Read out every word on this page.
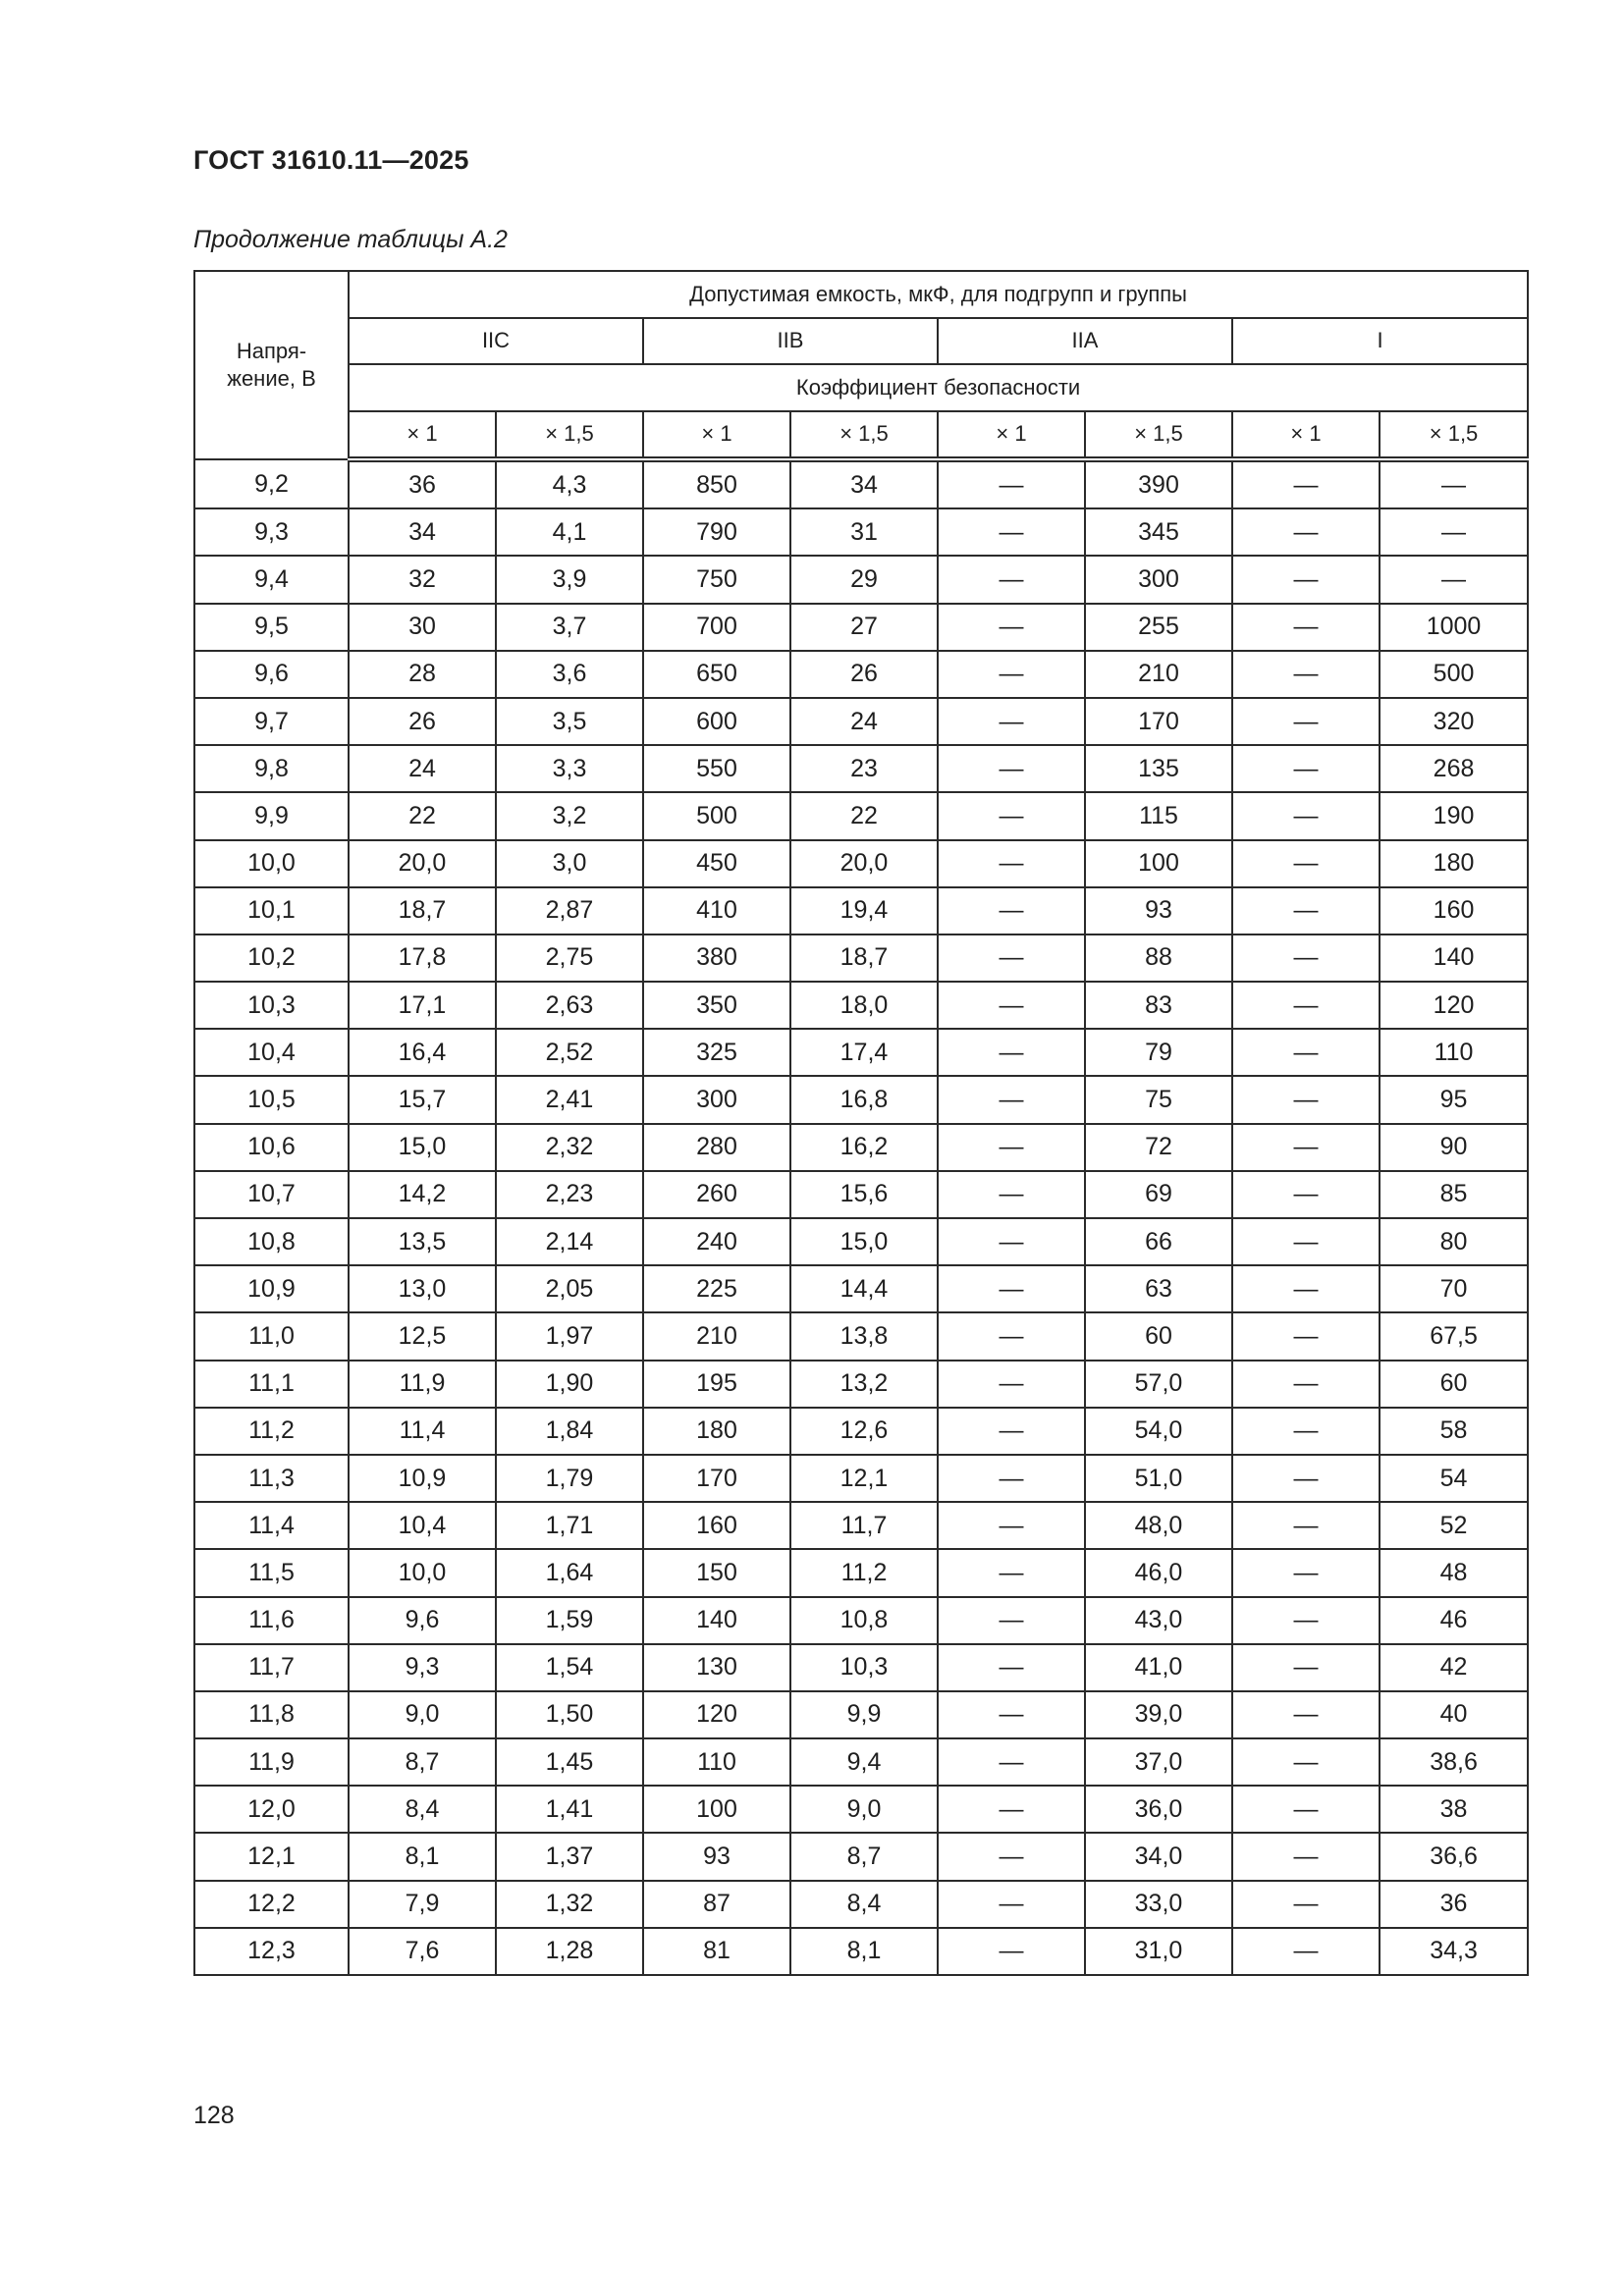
ГОСТ 31610.11—2025

Продолжение таблицы А.2

Напря-
жение, В	Допустимая емкость, мкФ, для подгрупп и группы							
	IIC		IIB		IIA		I	
	Коэффициент безопасности							
	× 1	× 1,5	× 1	× 1,5	× 1	× 1,5	× 1	× 1,5
9,2	36	4,3	850	34	—	390	—	—
9,3	34	4,1	790	31	—	345	—	—
9,4	32	3,9	750	29	—	300	—	—
9,5	30	3,7	700	27	—	255	—	1000
9,6	28	3,6	650	26	—	210	—	500
9,7	26	3,5	600	24	—	170	—	320
9,8	24	3,3	550	23	—	135	—	268
9,9	22	3,2	500	22	—	115	—	190
10,0	20,0	3,0	450	20,0	—	100	—	180
10,1	18,7	2,87	410	19,4	—	93	—	160
10,2	17,8	2,75	380	18,7	—	88	—	140
10,3	17,1	2,63	350	18,0	—	83	—	120
10,4	16,4	2,52	325	17,4	—	79	—	110
10,5	15,7	2,41	300	16,8	—	75	—	95
10,6	15,0	2,32	280	16,2	—	72	—	90
10,7	14,2	2,23	260	15,6	—	69	—	85
10,8	13,5	2,14	240	15,0	—	66	—	80
10,9	13,0	2,05	225	14,4	—	63	—	70
11,0	12,5	1,97	210	13,8	—	60	—	67,5
11,1	11,9	1,90	195	13,2	—	57,0	—	60
11,2	11,4	1,84	180	12,6	—	54,0	—	58
11,3	10,9	1,79	170	12,1	—	51,0	—	54
11,4	10,4	1,71	160	11,7	—	48,0	—	52
11,5	10,0	1,64	150	11,2	—	46,0	—	48
11,6	9,6	1,59	140	10,8	—	43,0	—	46
11,7	9,3	1,54	130	10,3	—	41,0	—	42
11,8	9,0	1,50	120	9,9	—	39,0	—	40
11,9	8,7	1,45	110	9,4	—	37,0	—	38,6
12,0	8,4	1,41	100	9,0	—	36,0	—	38
12,1	8,1	1,37	93	8,7	—	34,0	—	36,6
12,2	7,9	1,32	87	8,4	—	33,0	—	36
12,3	7,6	1,28	81	8,1	—	31,0	—	34,3

128
